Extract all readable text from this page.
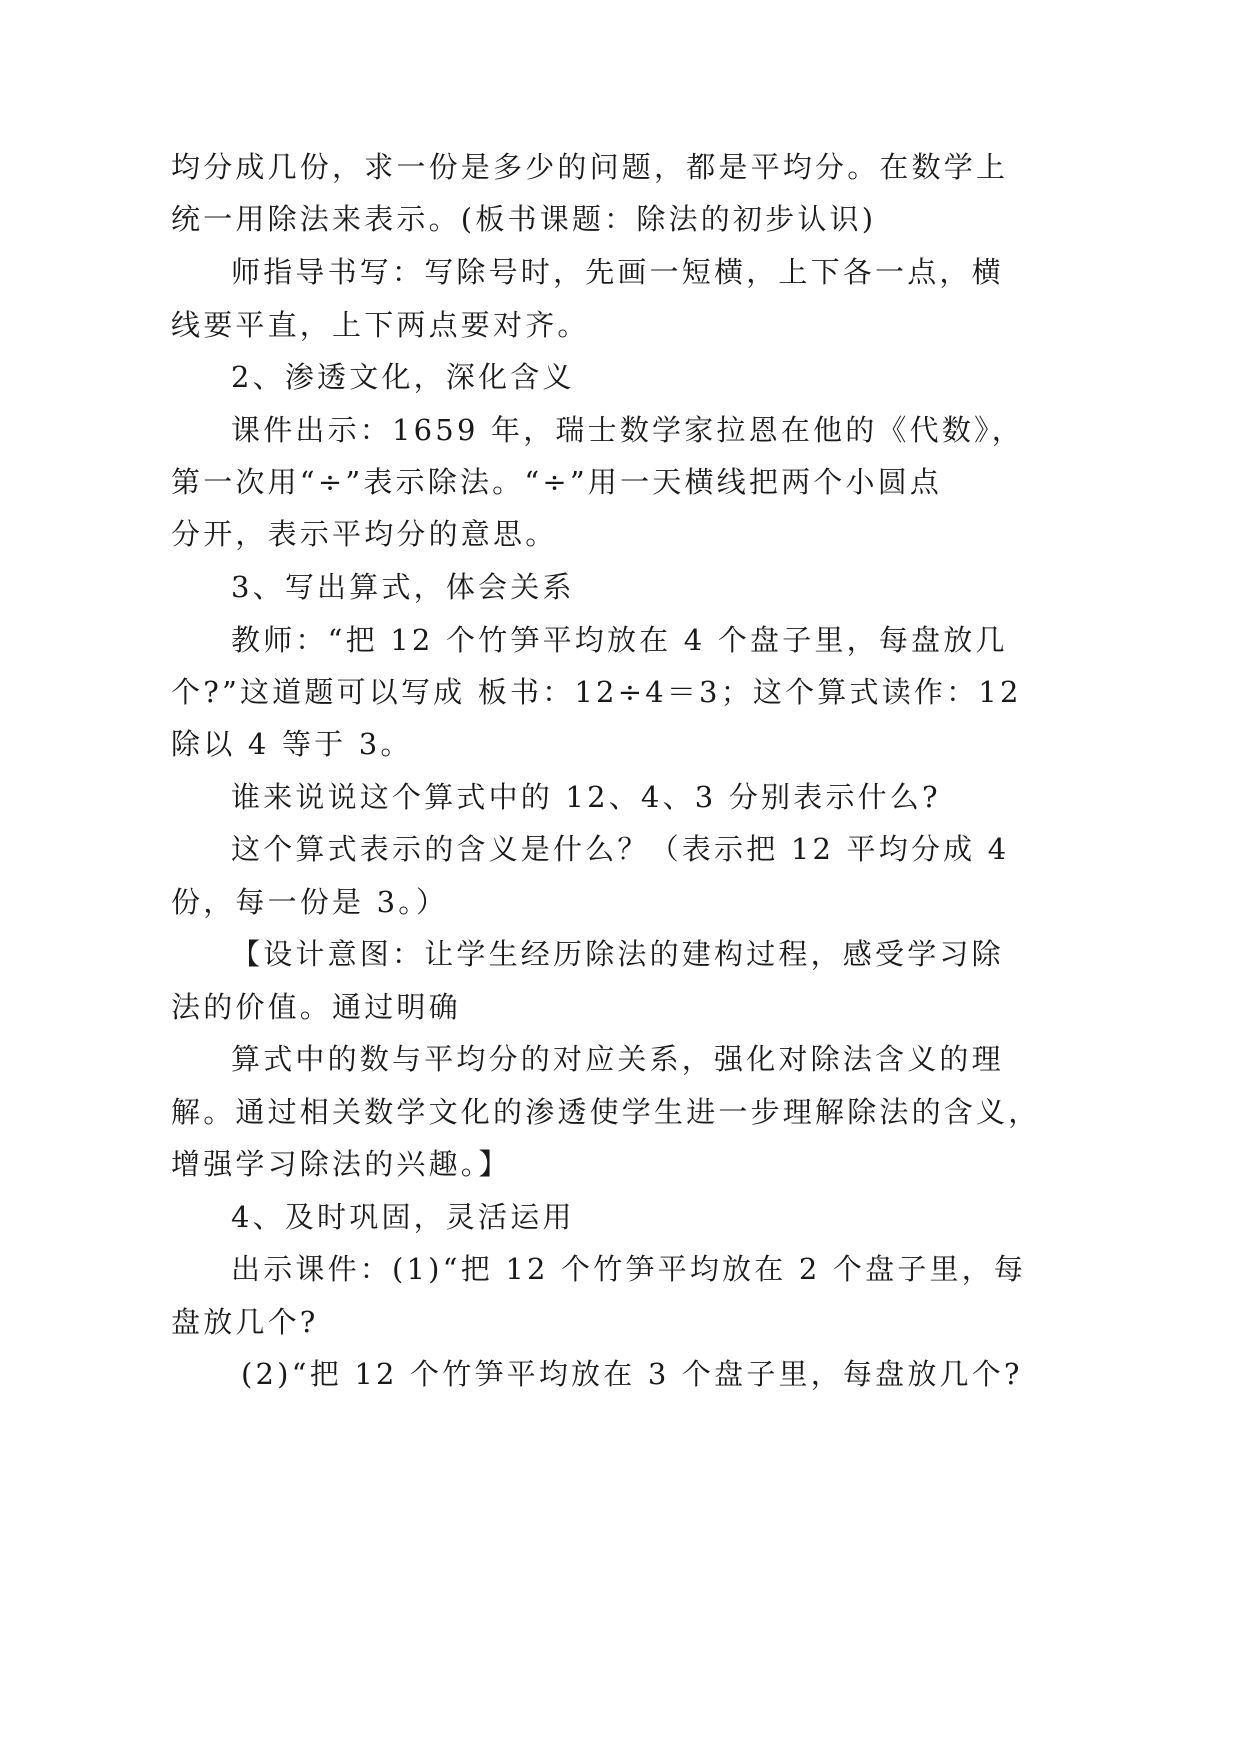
均分成几份，求一份是多少的问题，都是平均分。在数学上
统一用除法来表示。(板书课题：除法的初步认识)
师指导书写：写除号时，先画一短横，上下各一点，横
线要平直，上下两点要对齐。
2、渗透文化，深化含义
课件出示：1659 年，瑞士数学家拉恩在他的《代数》，
第一次用“÷”表示除法。“÷”用一天横线把两个小圆点
分开，表示平均分的意思。
3、写出算式，体会关系
教师：“把 12 个竹笋平均放在 4 个盘子里，每盘放几
个?”这道题可以写成 板书：12÷4＝3；这个算式读作：12
除以 4 等于 3。
谁来说说这个算式中的 12、4、3 分别表示什么?
这个算式表示的含义是什么？（表示把 12 平均分成 4
份，每一份是 3。）
【设计意图：让学生经历除法的建构过程，感受学习除
法的价值。通过明确
算式中的数与平均分的对应关系，强化对除法含义的理
解。通过相关数学文化的渗透使学生进一步理解除法的含义，
增强学习除法的兴趣。】
4、及时巩固，灵活运用
出示课件：(1)“把 12 个竹笋平均放在 2 个盘子里，每
盘放几个?
(2)“把 12 个竹笋平均放在 3 个盘子里，每盘放几个?
